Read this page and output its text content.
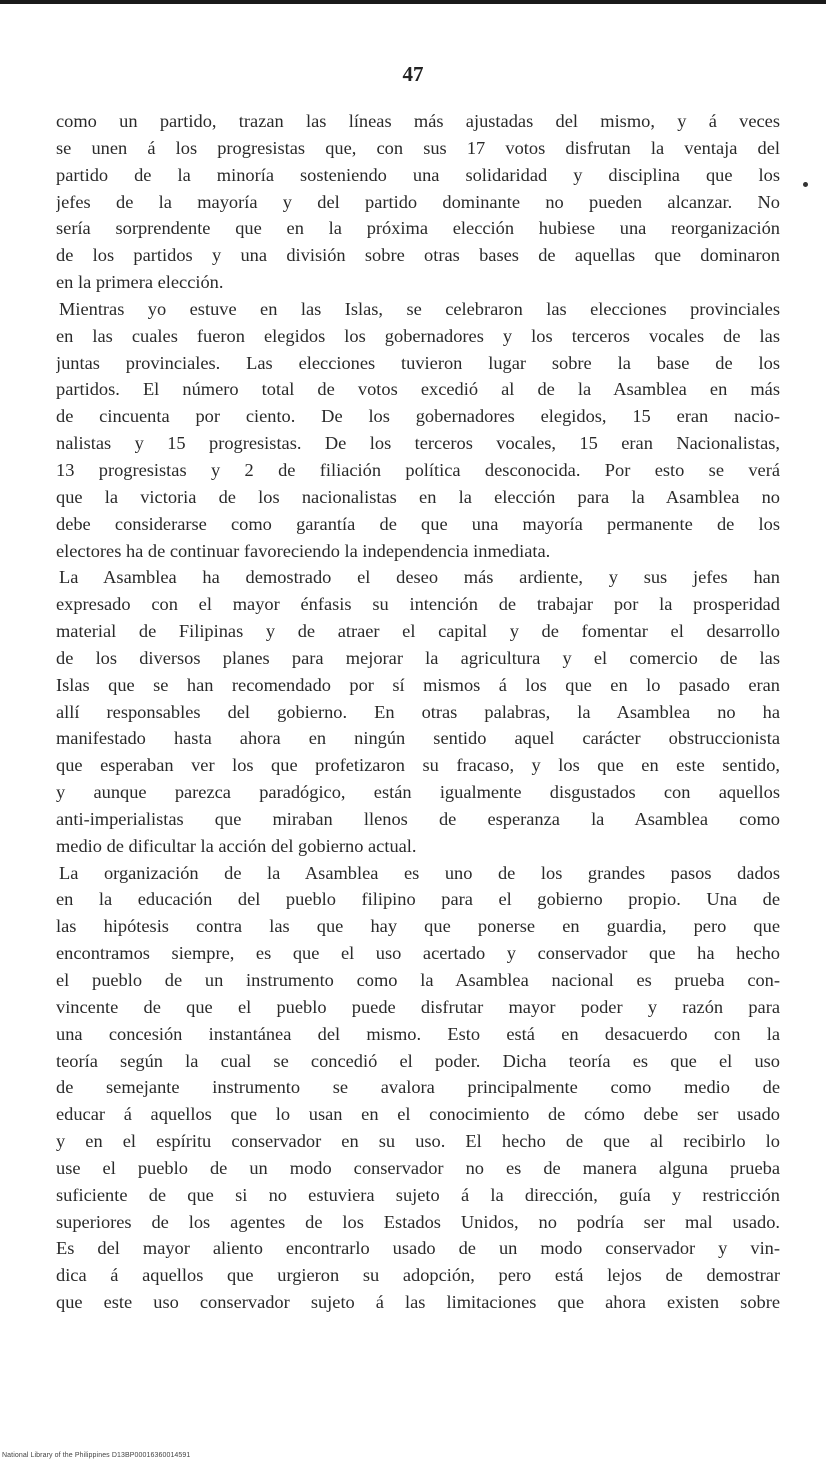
47
como un partido, trazan las líneas más ajustadas del mismo, y á veces
se unen á los progresistas que, con sus 17 votos disfrutan la ventaja del
partido de la minoría sosteniendo una solidaridad y disciplina que los
jefes de la mayoría y del partido dominante no pueden alcanzar. No
sería sorprendente que en la próxima elección hubiese una reorganización
de los partidos y una división sobre otras bases de aquellas que dominaron
en la primera elección.
Mientras yo estuve en las Islas, se celebraron las elecciones provinciales
en las cuales fueron elegidos los gobernadores y los terceros vocales de las
juntas provinciales. Las elecciones tuvieron lugar sobre la base de los
partidos. El número total de votos excedió al de la Asamblea en más
de cincuenta por ciento. De los gobernadores elegidos, 15 eran nacio-
nalistas y 15 progresistas. De los terceros vocales, 15 eran Nacionalistas,
13 progresistas y 2 de filiación política desconocida. Por esto se verá
que la victoria de los nacionalistas en la elección para la Asamblea no
debe considerarse como garantía de que una mayoría permanente de los
electores ha de continuar favoreciendo la independencia inmediata.
La Asamblea ha demostrado el deseo más ardiente, y sus jefes han
expresado con el mayor énfasis su intención de trabajar por la prosperidad
material de Filipinas y de atraer el capital y de fomentar el desarrollo
de los diversos planes para mejorar la agricultura y el comercio de las
Islas que se han recomendado por sí mismos á los que en lo pasado eran
allí responsables del gobierno. En otras palabras, la Asamblea no ha
manifestado hasta ahora en ningún sentido aquel carácter obstruccionista
que esperaban ver los que profetizaron su fracaso, y los que en este sentido,
y aunque parezca paradógico, están igualmente disgustados con aquellos
anti-imperialistas que miraban llenos de esperanza la Asamblea como
medio de dificultar la acción del gobierno actual.
La organización de la Asamblea es uno de los grandes pasos dados
en la educación del pueblo filipino para el gobierno propio. Una de
las hipótesis contra las que hay que ponerse en guardia, pero que
encontramos siempre, es que el uso acertado y conservador que ha hecho
el pueblo de un instrumento como la Asamblea nacional es prueba con-
vincente de que el pueblo puede disfrutar mayor poder y razón para
una concesión instantánea del mismo. Esto está en desacuerdo con la
teoría según la cual se concedió el poder. Dicha teoría es que el uso
de semejante instrumento se avalora principalmente como medio de
educar á aquellos que lo usan en el conocimiento de cómo debe ser usado
y en el espíritu conservador en su uso. El hecho de que al recibirlo lo
use el pueblo de un modo conservador no es de manera alguna prueba
suficiente de que si no estuviera sujeto á la dirección, guía y restricción
superiores de los agentes de los Estados Unidos, no podría ser mal usado.
Es del mayor aliento encontrarlo usado de un modo conservador y vin-
dica á aquellos que urgieron su adopción, pero está lejos de demostrar
que este uso conservador sujeto á las limitaciones que ahora existen sobre
National Library of the Philippines D13BP00016360014591
